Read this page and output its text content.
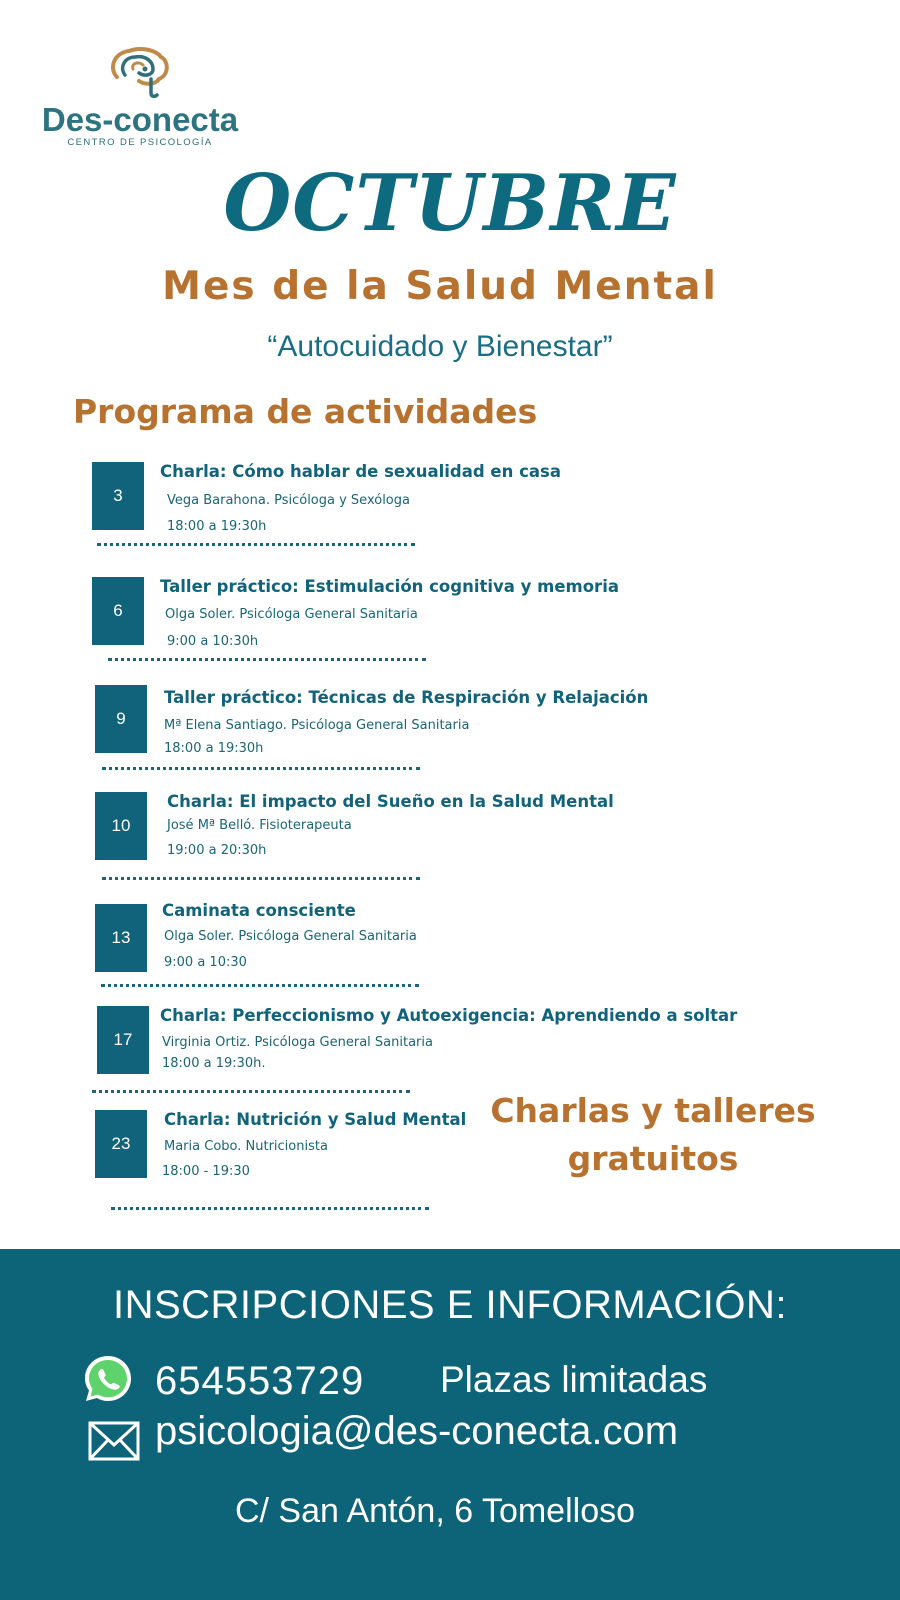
Des-conecta
CENTRO DE PSICOLOGÍA
OCTUBRE
Mes de la Salud Mental
“Autocuidado y Bienestar”
Programa de actividades
3
Charla: Cómo hablar de sexualidad en casa
Vega Barahona. Psicóloga y Sexóloga
18:00 a 19:30h
6
Taller práctico: Estimulación cognitiva y memoria
Olga Soler. Psicóloga General Sanitaria
9:00 a 10:30h
9
Taller práctico: Técnicas de Respiración y Relajación
Mª Elena Santiago. Psicóloga General Sanitaria
18:00 a 19:30h
10
Charla: El impacto del Sueño en la Salud Mental
José Mª Belló. Fisioterapeuta
19:00 a 20:30h
13
Caminata consciente
Olga Soler. Psicóloga General Sanitaria
9:00 a 10:30
17
Charla: Perfeccionismo y Autoexigencia: Aprendiendo a soltar
Virginia Ortiz. Psicóloga General Sanitaria
18:00 a 19:30h.
23
Charla: Nutrición y Salud Mental
Maria Cobo. Nutricionista
18:00 - 19:30
Charlas y talleres
gratuitos
INSCRIPCIONES E INFORMACIÓN:
654553729 Plazas limitadas
psicologia@des-conecta.com
C/ San Antón, 6 Tomelloso
